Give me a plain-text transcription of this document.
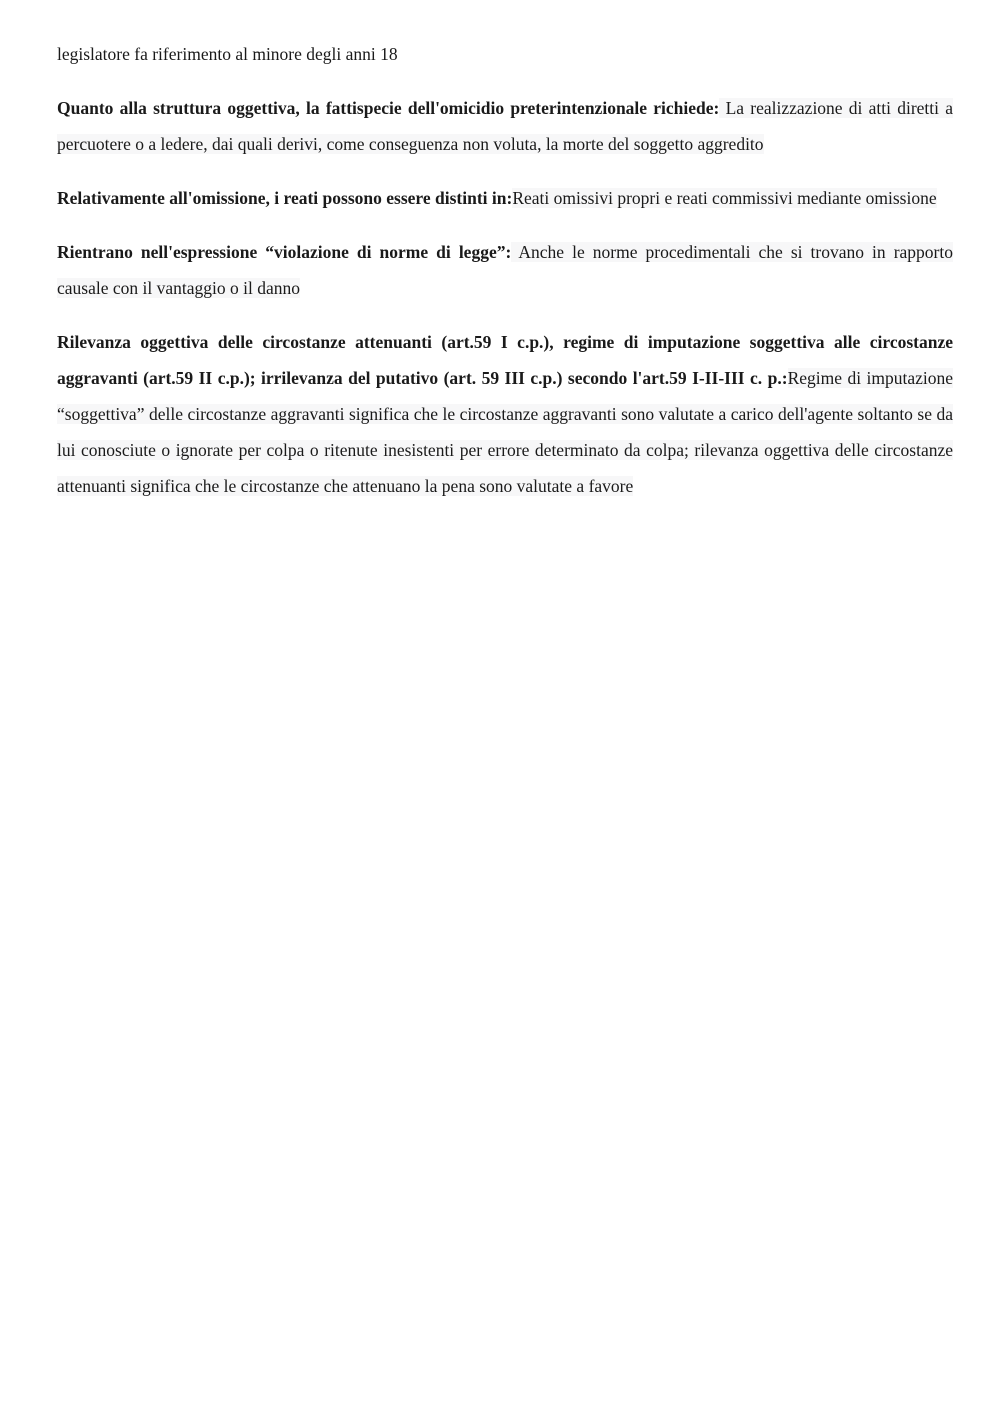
legislatore fa riferimento al minore degli anni 18

Quanto alla struttura oggettiva, la fattispecie dell'omicidio preterintenzionale richiede: La realizzazione di atti diretti a percuotere o a ledere, dai quali derivi, come conseguenza non voluta, la morte del soggetto aggredito

Relativamente all'omissione, i reati possono essere distinti in:Reati omissivi propri e reati commissivi mediante omissione

Rientrano nell'espressione “violazione di norme di legge”: Anche le norme procedimentali che si trovano in rapporto causale con il vantaggio o il danno

Rilevanza oggettiva delle circostanze attenuanti (art.59 I c.p.), regime di imputazione soggettiva alle circostanze aggravanti (art.59 II c.p.); irrilevanza del putativo (art. 59 III c.p.) secondo l'art.59 I-II-III c. p.:Regime di imputazione “soggettiva” delle circostanze aggravanti significa che le circostanze aggravanti sono valutate a carico dell'agente soltanto se da lui conosciute o ignorate per colpa o ritenute inesistenti per errore determinato da colpa; rilevanza oggettiva delle circostanze attenuanti significa che le circostanze che attenuano la pena sono valutate a favore
